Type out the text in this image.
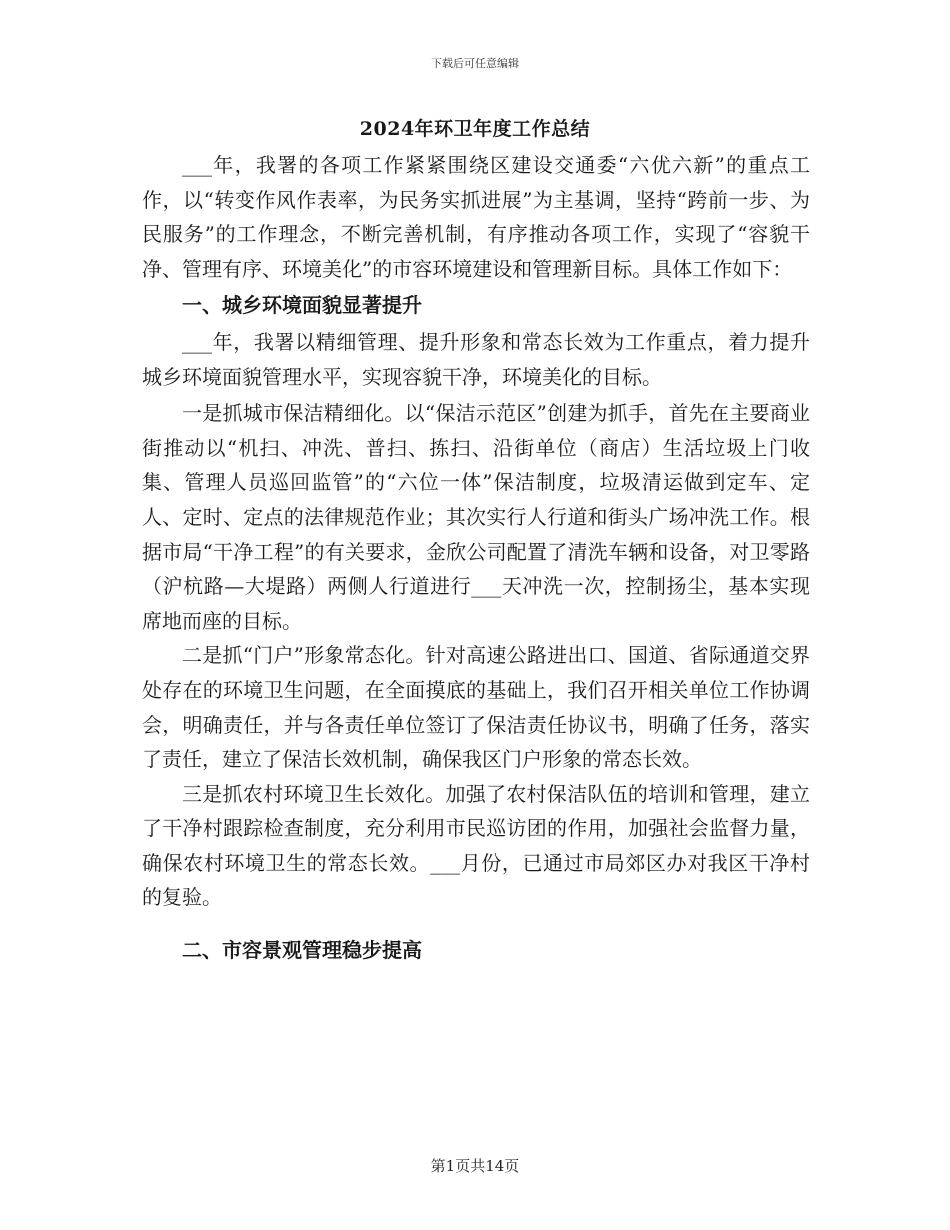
下载后可任意编辑
2024年环卫年度工作总结

___年，我署的各项工作紧紧围绕区建设交通委“六优六新”的重点工作，以“转变作风作表率，为民务实抓进展”为主基调，坚持“跨前一步、为民服务”的工作理念，不断完善机制，有序推动各项工作，实现了“容貌干净、管理有序、环境美化”的市容环境建设和管理新目标。具体工作如下：

一、城乡环境面貌显著提升

___年，我署以精细管理、提升形象和常态长效为工作重点，着力提升城乡环境面貌管理水平，实现容貌干净，环境美化的目标。

一是抓城市保洁精细化。以“保洁示范区”创建为抓手，首先在主要商业街推动以“机扫、冲洗、普扫、拣扫、沿街单位（商店）生活垃圾上门收集、管理人员巡回监管”的“六位一体”保洁制度，垃圾清运做到定车、定人、定时、定点的法律规范作业；其次实行人行道和街头广场冲洗工作。根据市局“干净工程”的有关要求，金欣公司配置了清洗车辆和设备，对卫零路（沪杭路—大堤路）两侧人行道进行___天冲洗一次，控制扬尘，基本实现席地而座的目标。

二是抓“门户”形象常态化。针对高速公路进出口、国道、省际通道交界处存在的环境卫生问题，在全面摸底的基础上，我们召开相关单位工作协调会，明确责任，并与各责任单位签订了保洁责任协议书，明确了任务，落实了责任，建立了保洁长效机制，确保我区门户形象的常态长效。

三是抓农村环境卫生长效化。加强了农村保洁队伍的培训和管理，建立了干净村跟踪检查制度，充分利用市民巡访团的作用，加强社会监督力量，确保农村环境卫生的常态长效。___月份，已通过市局郊区办对我区干净村的复验。

二、市容景观管理稳步提高
第1页共14页
